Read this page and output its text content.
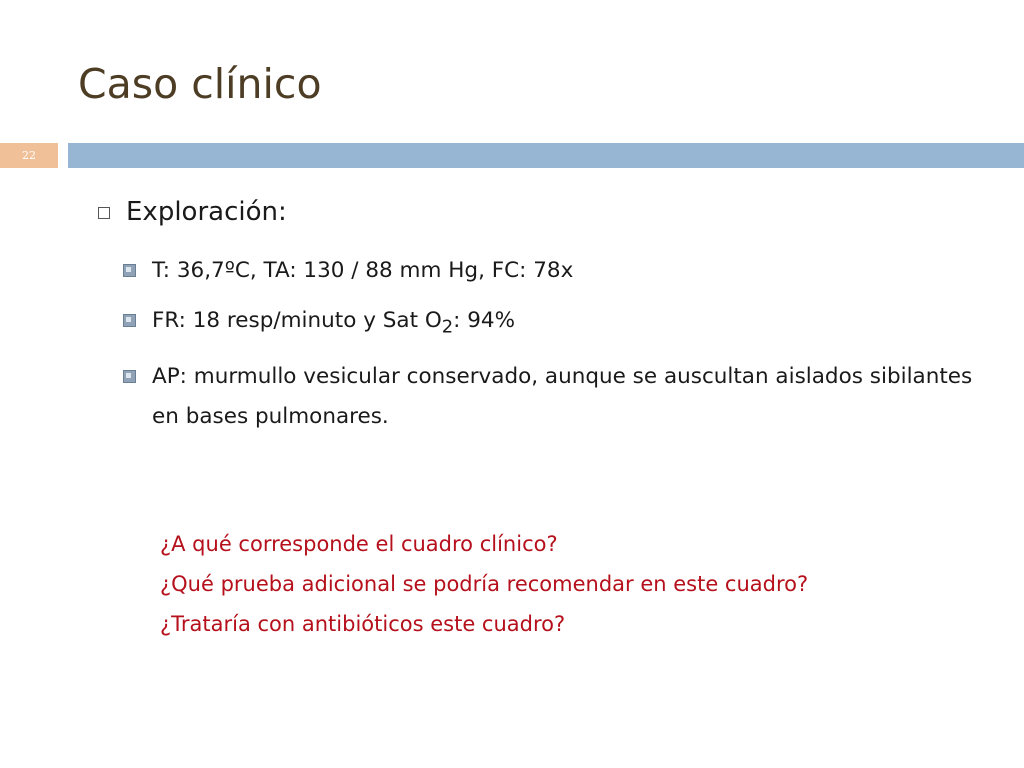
Caso clínico
22
Exploración:
T: 36,7ºC, TA: 130 / 88 mm Hg, FC: 78x
FR: 18 resp/minuto y Sat $O_2$: 94%
AP: murmullo vesicular conservado, aunque se auscultan aislados sibilantes en bases pulmonares.
¿A qué corresponde el cuadro clínico?
¿Qué prueba adicional se podría recomendar en este cuadro?
¿Trataría con antibióticos este cuadro?
